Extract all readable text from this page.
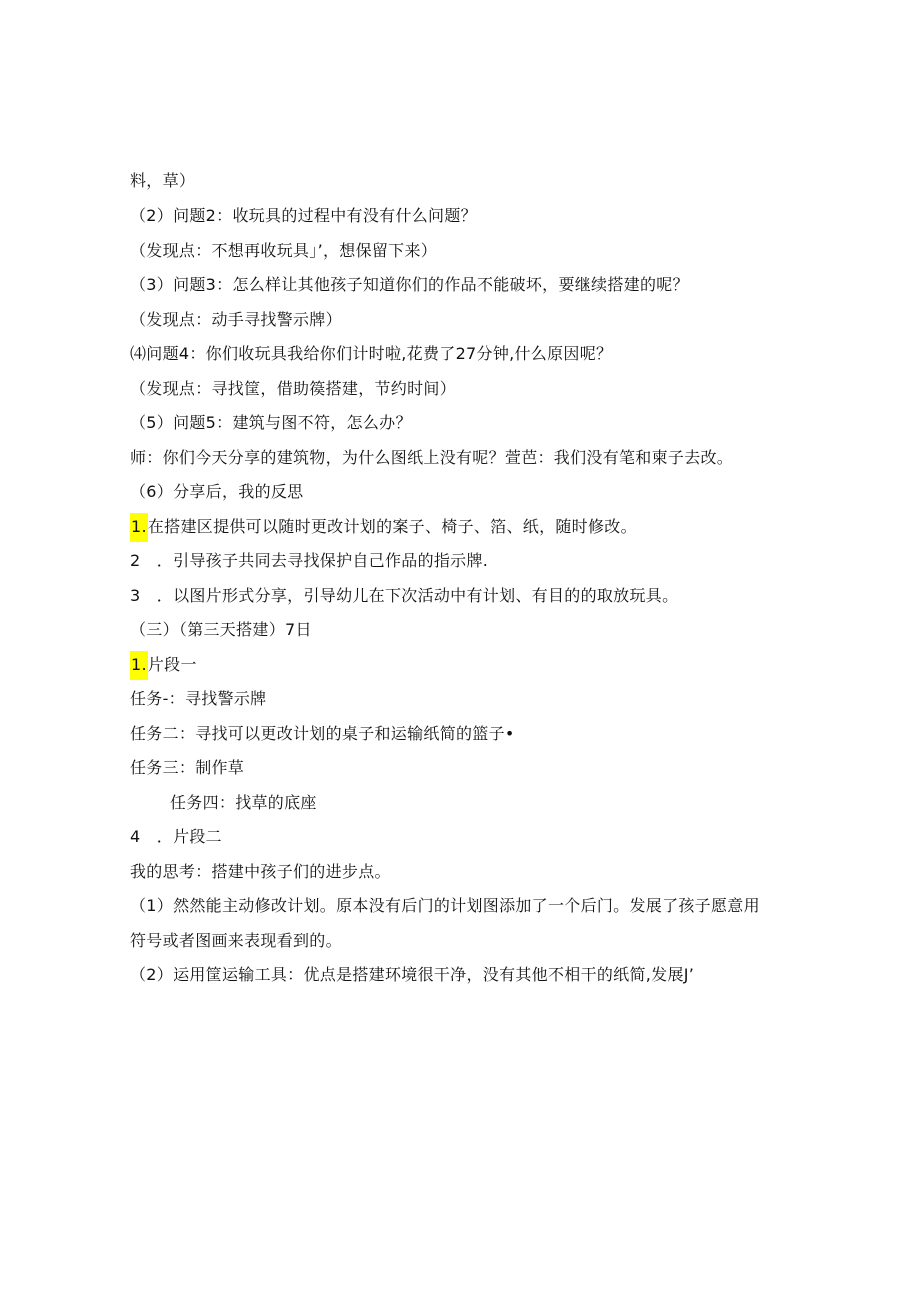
料，草）
（2）问题2：收玩具的过程中有没有什么问题？
（发现点：不想再收玩具」’，想保留下来）
（3）问题3：怎么样让其他孩子知道你们的作品不能破坏，要继续搭建的呢？
（发现点：动手寻找警示牌）
⑷问题4：你们收玩具我给你们计时啦,花费了27分钟,什么原因呢？
（发现点：寻找筐，借助篌搭建，节约时间）
（5）问题5：建筑与图不符，怎么办？
师：你们今天分享的建筑物，为什么图纸上没有呢？萱芭：我们没有笔和柬子去改。
（6）分享后，我的反思
1.在搭建区提供可以随时更改计划的案子、椅子、箔、纸，随时修改。
2　．引导孩子共同去寻找保护自己作品的指示牌.
3　．以图片形式分享，引导幼儿在下次活动中有计划、有目的的取放玩具。
（三）（第三天搭建）7日
1.片段一
任务-：寻找警示牌
任务二：寻找可以更改计划的桌子和运输纸简的篮子•
任务三：制作草
任务四：找草的底座
4　．片段二
我的思考：搭建中孩子们的进步点。
（1）然然能主动修改计划。原本没有后门的计划图添加了一个后门。发展了孩子愿意用
符号或者图画来表现看到的。
（2）运用筐运输工具：优点是搭建环境很干净，没有其他不相干的纸简,发展J’
